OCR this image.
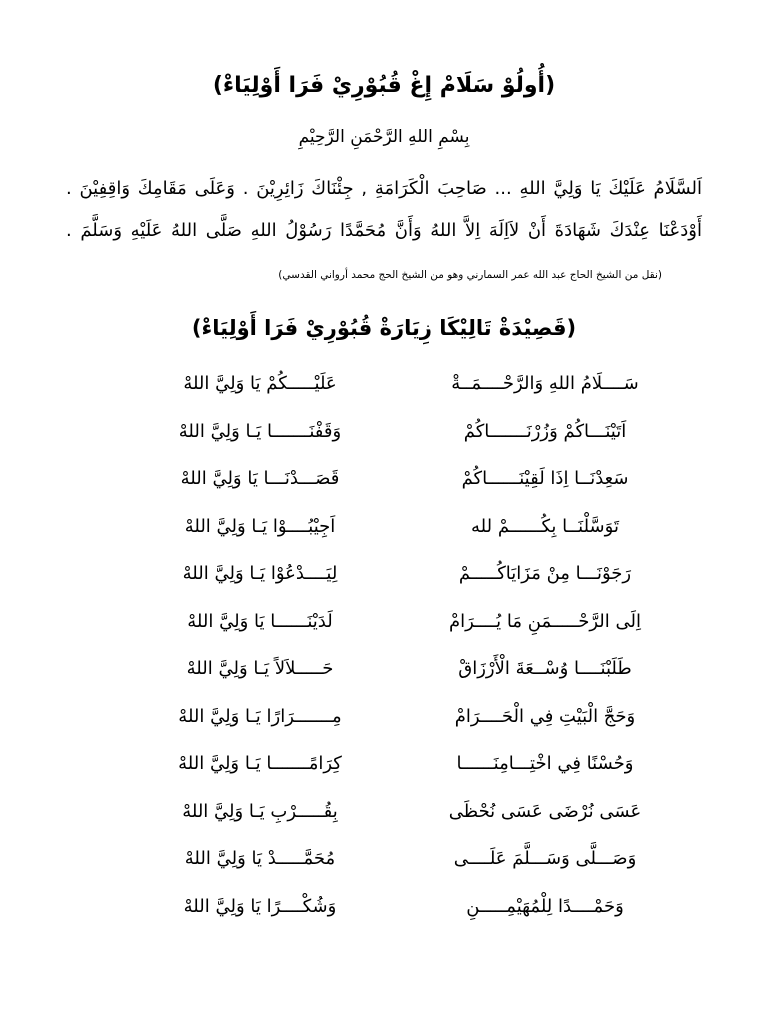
(أُولُوْ سَلَامْ إِغْ قُبُوْرِيْ فَرَا أَوْلِيَاءْ)
بِسْمِ اللهِ الرَّحْمَنِ الرَّحِيْمِ

اَلسَّلَامُ عَلَيْكَ يَا وَلِيَّ اللهِ ... صَاحِبَ الْكَرَامَةِ , جِئْنَاكَ زَائِرِيْنَ . وَعَلَى مَقَامِكَ وَاقِفِيْنَ . أَوْدَعْنَا عِنْدَكَ شَهَادَةَ أَنْ لاَاِلَهَ اِلاَّ اللهُ وَأَنَّ مُحَمَّدًا رَسُوْلُ اللهِ صَلَّى اللهُ عَلَيْهِ وَسَلَّمَ . (نقل من الشيخ الحاج عبد الله عمر السمارني وهو من الشيخ الحج محمد أرواني القدسي)

(قَصِيْدَةْ تَالِيْكَا زِيَارَةْ قُبُوْرِيْ فَرَا أَوْلِيَاءْ)
سَــــلَامُ اللهِ وَالرَّحْــــمَــةْ
عَلَيْـــــكُمْ يَا وَلِيَّ اللهْ
اَتَيْنَـــاكُمْ وَزُرْنَـــــــاكُمْ
وَقَفْنَـــــــا يَـا وَلِيَّ اللهْ
سَعِدْنَــا اِذَا لَقِيْنَــــــاكُمْ
قَصَـــدْنَـــا يَا وَلِيَّ اللهْ
تَوَسَّلْنَــا بِكُــــــمْ لله
اَجِيْبُــــوْا يَـا وَلِيَّ اللهْ
رَجَوْنَـــا مِنْ مَزَايَاكُـــــمْ
لِيَــــدْعُوْا يَـا وَلِيَّ اللهْ
اِلَى الرَّحْـــــمَنِ مَا يُــــرَامْ
لَدَيْنَــــــا يَا وَلِيَّ اللهْ
طَلَبْنَــــا وُسْــعَةَ الْأَرْزَاقْ
حَـــــلاَلاً يَـا وَلِيَّ اللهْ
وَحَجَّ الْبَيْتِ فِي الْحَــــرَامْ
مِـــــــرَارًا يَـا وَلِيَّ اللهْ
وَحُسْنًا فِي اخْتِـــامِنَــــــا
كِرَامًـــــــا يَـا وَلِيَّ اللهْ
عَسَى نُرْضَى عَسَى نُحْظَى
بِقُـــــرْبِ يَـا وَلِيَّ اللهْ
وَصَـــلَّى وَسَـــلَّمَ عَلَــــى
مُحَمَّـــــدْ يَا وَلِيَّ اللهْ
وَحَمْــــدًا لِلْمُهَيْمِـــــنِ
وَشُكْــــرًا يَا وَلِيَّ اللهْ
